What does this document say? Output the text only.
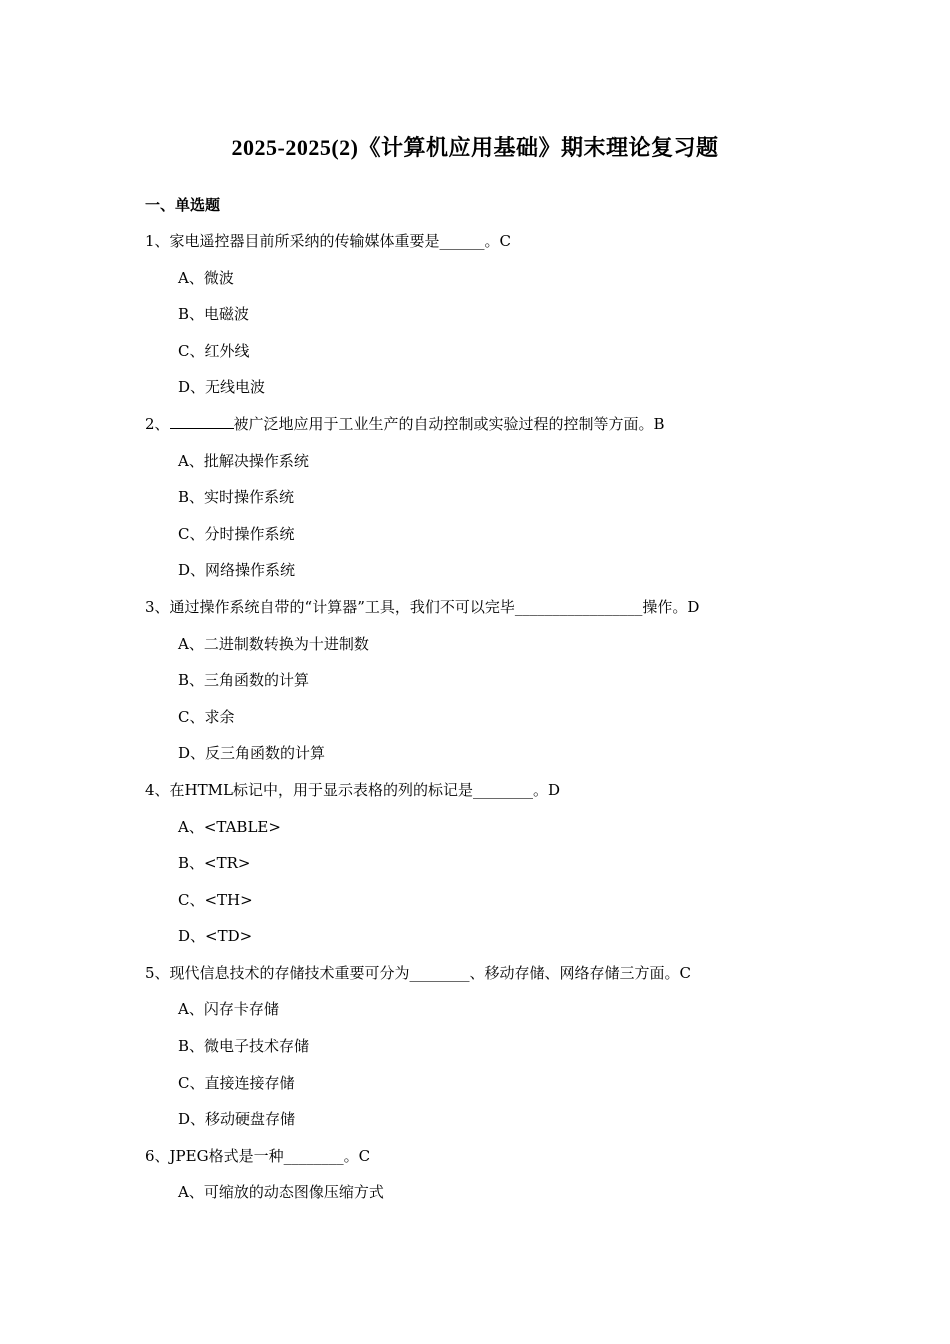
2025-2025(2)《计算机应用基础》期末理论复习题
一、单选题
1、家电遥控器目前所采纳的传输媒体重要是______。C
A、微波
B、电磁波
C、红外线
D、无线电波
2、	被广泛地应用于工业生产的自动控制或实验过程的控制等方面。B
A、批解决操作系统
B、实时操作系统
C、分时操作系统
D、网络操作系统
3、通过操作系统自带的“计算器”工具，我们不可以完毕_________________操作。D
A、二进制数转换为十进制数
B、三角函数的计算
C、求余
D、反三角函数的计算
4、在HTML标记中，用于显示表格的列的标记是________。D
A、<TABLE>
B、<TR>
C、<TH>
D、<TD>
5、现代信息技术的存储技术重要可分为________、移动存储、网络存储三方面。C
A、闪存卡存储
B、微电子技术存储
C、直接连接存储
D、移动硬盘存储
6、JPEG格式是一种________。C
A、可缩放的动态图像压缩方式
